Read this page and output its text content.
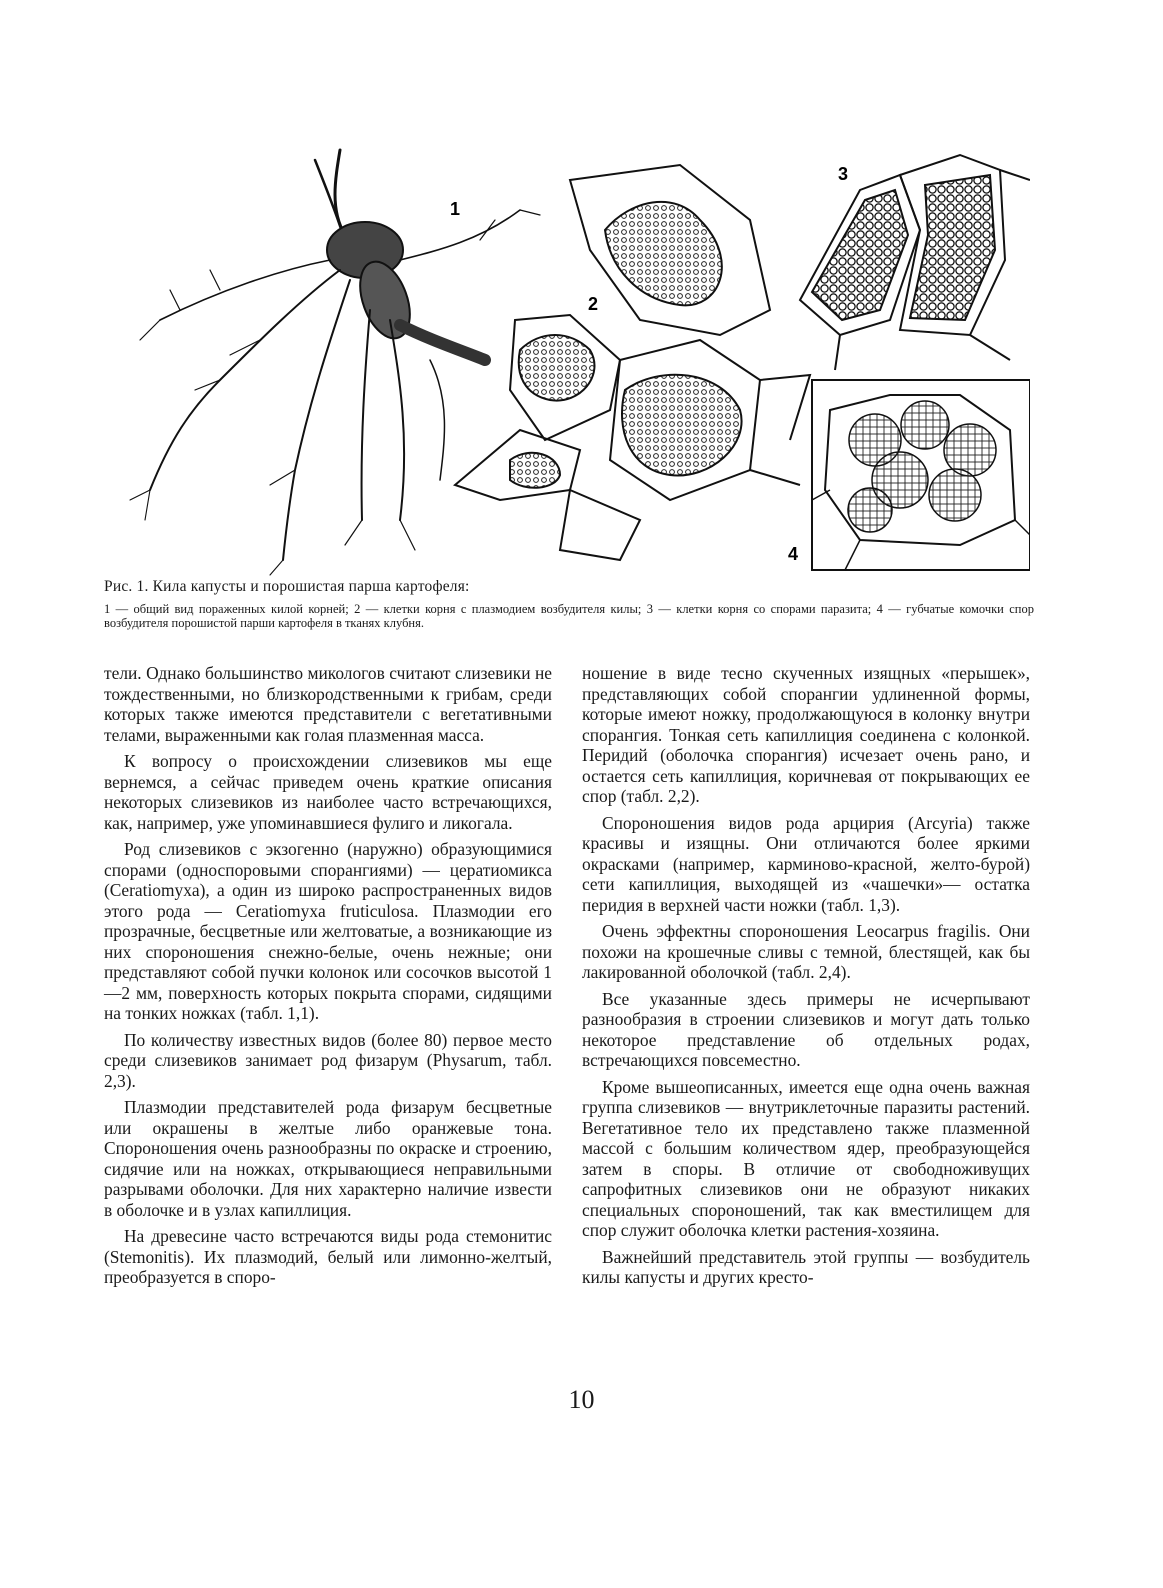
1
2
3
4

Рис. 1. Кила капусты и порошистая парша картофеля:

1 — общий вид пораженных килой корней; 2 — клетки корня с плазмодием возбудителя килы; 3 — клетки корня со спорами паразита; 4 — губчатые комочки спор возбудителя порошистой парши картофеля в тканях клубня.

тели. Однако большинство микологов считают слизевики не тождественными, но близкородственными к грибам, среди которых также имеются представители с вегетативными телами, выраженными как голая плазменная масса.

К вопросу о происхождении слизевиков мы еще вернемся, а сейчас приведем очень краткие описания некоторых слизевиков из наиболее часто встречающихся, как, например, уже упоминавшиеся фулиго и ликогала.

Род слизевиков с экзогенно (наружно) образующимися спорами (односпоровыми спорангиями) — цератиомикса (Ceratiomyxa), а один из широко распространенных видов этого рода — Ceratiomyxa fruticulosa. Плазмодии его прозрачные, бесцветные или желтоватые, а возникающие из них спороношения снежно-белые, очень нежные; они представляют собой пучки колонок или сосочков высотой 1—2 мм, поверхность которых покрыта спорами, сидящими на тонких ножках (табл. 1,1).

По количеству известных видов (более 80) первое место среди слизевиков занимает род физарум (Physarum, табл. 2,3).

Плазмодии представителей рода физарум бесцветные или окрашены в желтые либо оранжевые тона. Спороношения очень разнообразны по окраске и строению, сидячие или на ножках, открывающиеся неправильными разрывами оболочки. Для них характерно наличие извести в оболочке и в узлах капиллиция.

На древесине часто встречаются виды рода стемонитис (Stemonitis). Их плазмодий, белый или лимонно-желтый, преобразуется в споро-

ношение в виде тесно скученных изящных «перышек», представляющих собой спорангии удлиненной формы, которые имеют ножку, продолжающуюся в колонку внутри спорангия. Тонкая сеть капиллиция соединена с колонкой. Перидий (оболочка спорангия) исчезает очень рано, и остается сеть капиллиция, коричневая от покрывающих ее спор (табл. 2,2).

Спороношения видов рода арцирия (Arcyria) также красивы и изящны. Они отличаются более яркими окрасками (например, карминово-красной, желто-бурой) сети капиллиция, выходящей из «чашечки»— остатка перидия в верхней части ножки (табл. 1,3).

Очень эффектны спороношения Leocarpus fragilis. Они похожи на крошечные сливы с темной, блестящей, как бы лакированной оболочкой (табл. 2,4).

Все указанные здесь примеры не исчерпывают разнообразия в строении слизевиков и могут дать только некоторое представление об отдельных родах, встречающихся повсеместно.

Кроме вышеописанных, имеется еще одна очень важная группа слизевиков — внутриклеточные паразиты растений. Вегетативное тело их представлено также плазменной массой с большим количеством ядер, преобразующейся затем в споры. В отличие от свободноживущих сапрофитных слизевиков они не образуют никаких специальных спороношений, так как вместилищем для спор служит оболочка клетки растения-хозяина.

Важнейший представитель этой группы — возбудитель килы капусты и других кресто-

10
